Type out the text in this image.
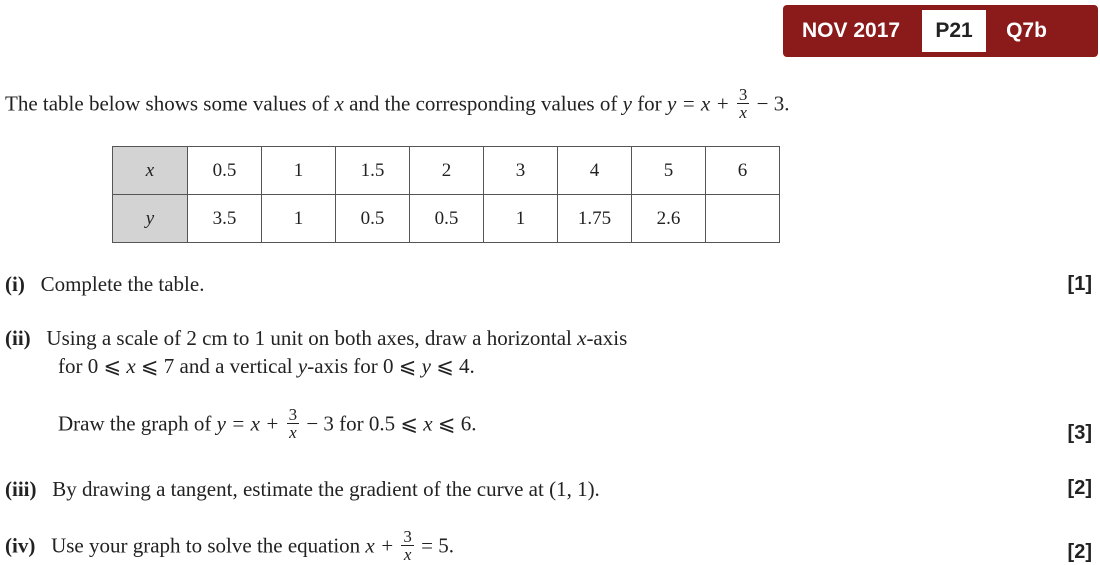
NOV 2017	P21	Q7b
The table below shows some values of x and the corresponding values of y for $y = x + \frac{3}{x} - 3$.
x	0.5	1	1.5	2	3	4	5	6
y	3.5	1	0.5	0.5	1	1.75	2.6	
(i) Complete the table.	[1]
(ii) Using a scale of 2 cm to 1 unit on both axes, draw a horizontal x-axis
for 0 ⩽ x ⩽ 7 and a vertical y-axis for 0 ⩽ y ⩽ 4.
Draw the graph of $y = x + \frac{3}{x} - 3$ for 0.5 ⩽ x ⩽ 6.	[3]
(iii) By drawing a tangent, estimate the gradient of the curve at (1, 1).	[2]
(iv) Use your graph to solve the equation $x + \frac{3}{x} = 5$.	[2]
